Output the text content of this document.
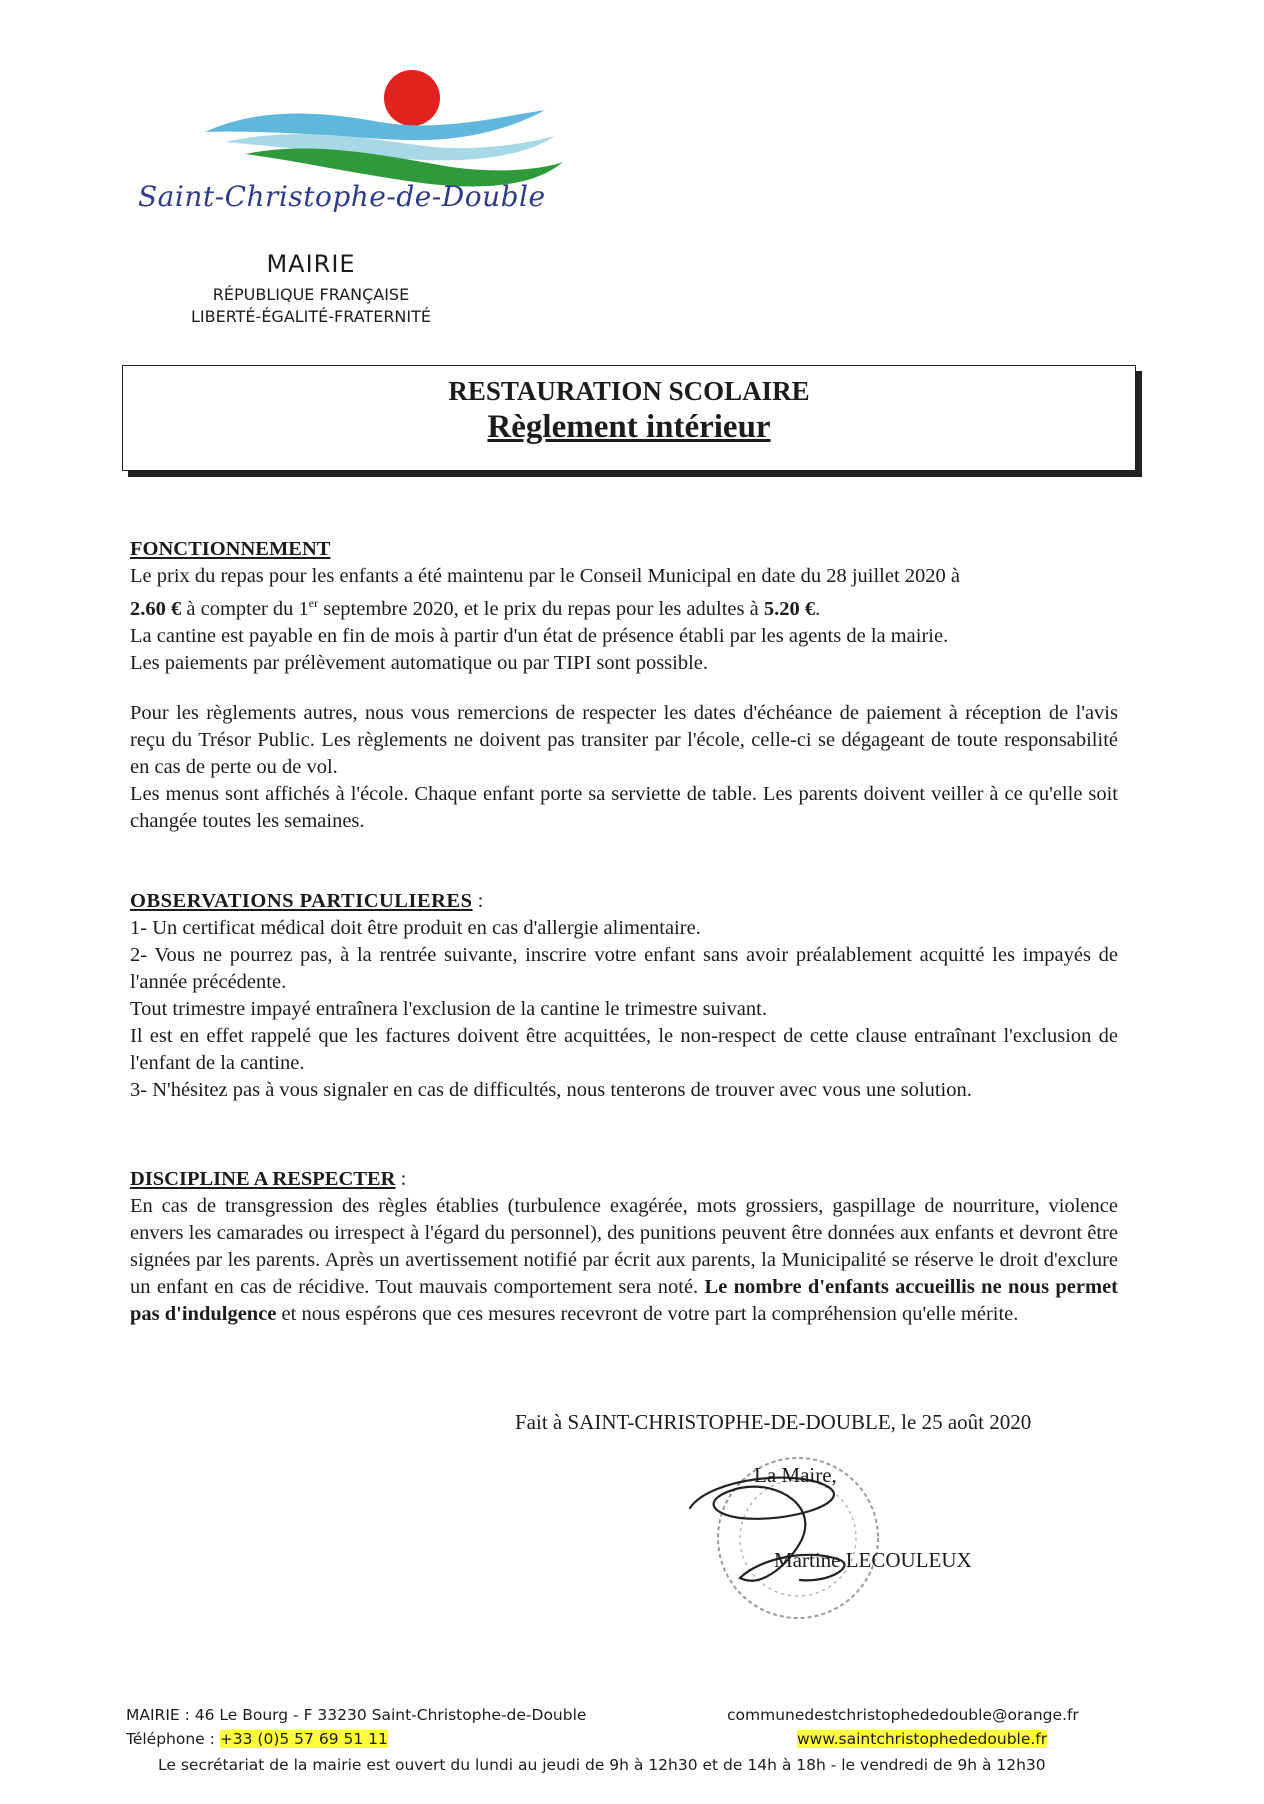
Saint-Christophe-de-Double
MAIRIE
RÉPUBLIQUE FRANÇAISE
LIBERTÉ-ÉGALITÉ-FRATERNITÉ
RESTAURATION SCOLAIRE
Règlement intérieur
FONCTIONNEMENT
Le prix du repas pour les enfants a été maintenu par le Conseil Municipal en date du 28 juillet 2020 à
2.60 € à compter du 1er septembre 2020, et le prix du repas pour les adultes à 5.20 €.
La cantine est payable en fin de mois à partir d'un état de présence établi par les agents de la mairie.
Les paiements par prélèvement automatique ou par TIPI sont possible.
Pour les règlements autres, nous vous remercions de respecter les dates d'échéance de paiement à réception de l'avis reçu du Trésor Public. Les règlements ne doivent pas transiter par l'école, celle-ci se dégageant de toute responsabilité en cas de perte ou de vol.
Les menus sont affichés à l'école. Chaque enfant porte sa serviette de table. Les parents doivent veiller à ce qu'elle soit changée toutes les semaines.
OBSERVATIONS PARTICULIERES :
1- Un certificat médical doit être produit en cas d'allergie alimentaire.
2- Vous ne pourrez pas, à la rentrée suivante, inscrire votre enfant sans avoir préalablement acquitté les impayés de l'année précédente.
Tout trimestre impayé entraînera l'exclusion de la cantine le trimestre suivant.
Il est en effet rappelé que les factures doivent être acquittées, le non-respect de cette clause entraînant l'exclusion de l'enfant de la cantine.
3- N'hésitez pas à vous signaler en cas de difficultés, nous tenterons de trouver avec vous une solution.
DISCIPLINE A RESPECTER :
En cas de transgression des règles établies (turbulence exagérée, mots grossiers, gaspillage de nourriture, violence envers les camarades ou irrespect à l'égard du personnel), des punitions peuvent être données aux enfants et devront être signées par les parents. Après un avertissement notifié par écrit aux parents, la Municipalité se réserve le droit d'exclure un enfant en cas de récidive. Tout mauvais comportement sera noté. Le nombre d'enfants accueillis ne nous permet pas d'indulgence et nous espérons que ces mesures recevront de votre part la compréhension qu'elle mérite.
Fait à SAINT-CHRISTOPHE-DE-DOUBLE, le 25 août 2020
La Maire,
Martine LECOULEUX
MAIRIE : 46 Le Bourg - F 33230 Saint-Christophe-de-Double
Téléphone : +33 (0)5 57 69 51 11
communedestchristophededouble@orange.fr
www.saintchristophededouble.fr
Le secrétariat de la mairie est ouvert du lundi au jeudi de 9h à 12h30 et de 14h à 18h - le vendredi de 9h à 12h30
